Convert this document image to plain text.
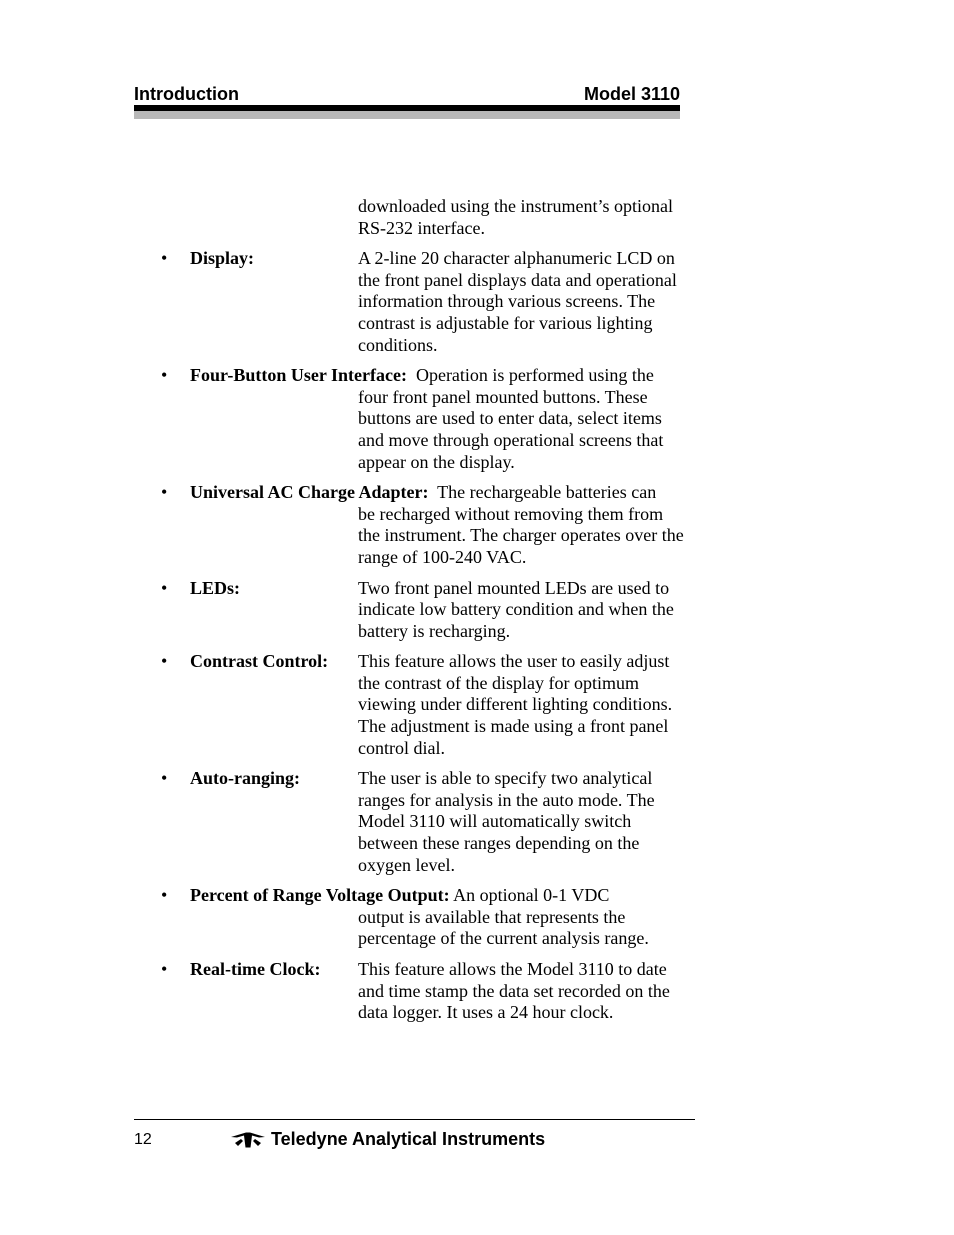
Introduction	Model 3110
downloaded using the instrument’s optional RS-232 interface.
• Display:	A 2-line 20 character alphanumeric LCD on the front panel displays data and operational information through various screens. The contrast is adjustable for various lighting conditions.
• Four-Button User Interface: Operation is performed using the
four front panel mounted buttons. These buttons are used to enter data, select items and move through operational screens that appear on the display.
• Universal AC Charge Adapter: The rechargeable batteries can
be recharged without removing them from the instrument. The charger operates over the range of 100-240 VAC.
• LEDs:	Two front panel mounted LEDs are used to indicate low battery condition and when the battery is recharging.
• Contrast Control: This feature allows the user to easily adjust the contrast of the display for optimum viewing under different lighting conditions. The adjustment is made using a front panel control dial.
• Auto-ranging:	The user is able to specify two analytical ranges for analysis in the auto mode. The Model 3110 will automatically switch between these ranges depending on the oxygen level.
• Percent of Range Voltage Output: An optional 0-1 VDC
output is available that represents the percentage of the current analysis range.
• Real-time Clock: This feature allows the Model 3110 to date and time stamp the data set recorded on the data logger. It uses a 24 hour clock.
12	Teledyne Analytical Instruments
